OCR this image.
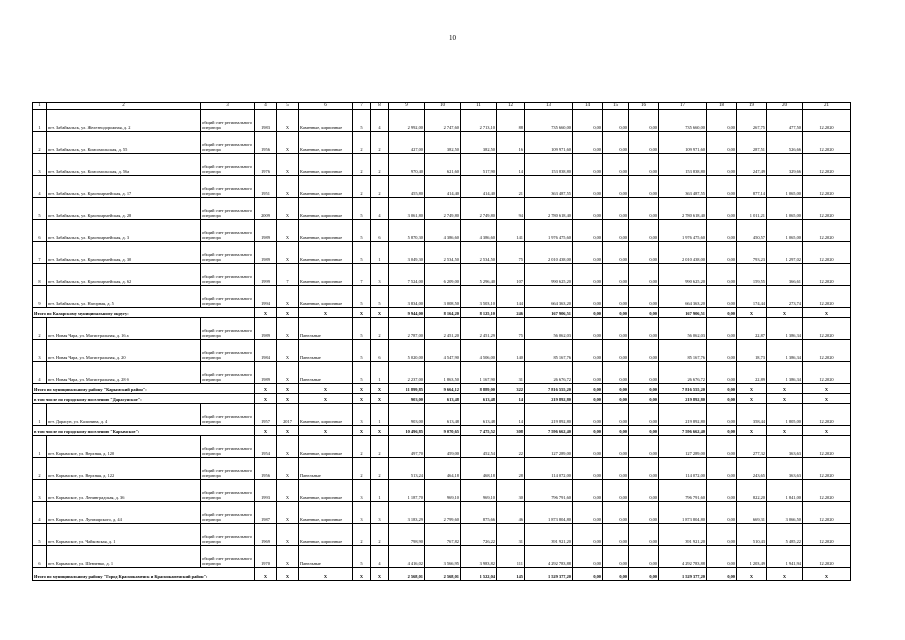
10
1	2	3	4	5	6	7	8	9	10	11	12	13	14	15	16	17	18	19	20	21
1	пгт. Забайкальск, ул. Железнодорожная, д. 2	общий счет регионального оператора	1983	Х	Каменные, кирпичные	5	4	2 992,00	2 747,60	2 713,10	88	735 660,00	0,00	0,00	0,00	735 660,00	0,00	267,75	477,50	12.2020
2	пгт. Забайкальск, ул. Комсомольская, д. 55	общий счет регионального оператора	1956	Х	Каменные, кирпичные	2	2	427,00	382,50	382,50	16	109 971,60	0,00	0,00	0,00	109 971,60	0,00	287,51	526,66	12.2020
3	пгт. Забайкальск, ул. Комсомольская, д. 56а	общий счет регионального оператора	1976	Х	Каменные, кирпичные	2	2	970,40	621,60	517,90	14	153 838,80	0,00	0,00	0,00	153 838,80	0,00	247,49	329,66	12.2020
4	пгт. Забайкальск, ул. Красноармейская, д. 17	общий счет регионального оператора	1951	Х	Каменные, кирпичные	2	2	455,80	414,40	414,40	21	363 487,55	0,00	0,00	0,00	363 487,55	0,00	877,14	1 065,00	12.2020
5	пгт. Забайкальск, ул. Красноармейская, д. 28	общий счет регионального оператора	2009	Х	Каменные, кирпичные	5	4	3 061,80	2 749,80	2 749,80	94	2 780 618,40	0,00	0,00	0,00	2 780 618,40	0,00	1 011,21	1 065,00	12.2020
6	пгт. Забайкальск, ул. Красноармейская, д. 3	общий счет регионального оператора	1989	Х	Каменные, кирпичные	5	6	5 870,30	4 386,60	4 386,60	141	1 976 475,60	0,00	0,00	0,00	1 976 475,60	0,00	450,57	1 065,00	12.2020
7	пгт. Забайкальск, ул. Красноармейская, д. 30	общий счет регионального оператора	1989	Х	Каменные, кирпичные	5	1	3 049,30	2 534,50	2 534,50	75	2 010 438,00	0,00	0,00	0,00	2 010 438,00	0,00	793,23	1 297,02	12.2020
8	пгт. Забайкальск, ул. Красноармейская, д. 62	общий счет регионального оператора	1999	7	Каменные, кирпичные	7	3	7 524,00	6 209,00	5 296,40	107	990 625,20	0,00	0,00	0,00	990 625,20	0,00	159,55	366,61	12.2020
9	пгт. Забайкальск, ул. Нагорная, д. 5	общий счет регионального оператора	1994	Х	Каменные, кирпичные	5	5	3 834,00	3 008,50	3 503,10	144	664 363,20	0,00	0,00	0,00	664 363,20	0,00	174,44	273,74	12.2020
Итого по Каларскому муниципальному округу:			Х	Х	Х	Х	Х	9 944,00	8 164,20	8 125,10	246	167 906,51	0,00	0,00	0,00	167 906,51	0,00	Х	Х	Х
2	пгт. Новая Чара, ул. Магистральная, д. 16 а	общий счет регионального оператора	1989	Х	Панельные	5	2	2 787,00	2 451,20	2 451,29	75	56 062,03	0,00	0,00	0,00	56 062,03	0,00	22,87	1 386,34	12.2020
3	пгт. Новая Чара, ул. Магистральная, д. 20	общий счет регионального оператора	1984	Х	Панельные	5	6	5 020,00	4 547,90	4 506,00	140	85 167,76	0,00	0,00	0,00	85 167,76	0,00	18,73	1 386,34	12.2020
4	пгт. Новая Чара, ул. Магистральная, д. 28 б	общий счет регионального оператора	1989	Х	Панельные	5	1	2 237,00	1 863,50	1 167,90	31	26 676,72	0,00	0,00	0,00	26 676,72	0,00	22,89	1 386,34	12.2020
Итого по муниципальному району "Карымский район":			Х	Х	Х	Х	Х	11 899,85	9 664,12	8 889,00	322	7 816 555,20	0,00	0,00	0,00	7 816 555,20	0,00	Х	Х	Х
в том числе по городскому поселению "Дарасунское":			Х	Х	Х	Х	Х	903,00	613,48	613,48	14	219 892,80	0,00	0,00	0,00	219 892,80	0,00	Х	Х	Х
1	пгт. Дарасун, ул. Калинина, д. 4	общий счет регионального оператора	1957	2017	Каменные, кирпичные	3	1	903,00	613,48	613,48	14	219 892,80	0,00	0,00	0,00	219 892,80	0,00	358,44	1 805,00	12.2020
в том числе по городскому поселению "Карымское":			Х	Х	Х	Х	Х	10 496,85	9 070,65	7 475,52	308	7 596 662,40	0,00	0,00	0,00	7 596 662,40	0,00	Х	Х	Х
1	пгт. Карымское, ул. Верхняя, д. 120	общий счет регионального оператора	1954	Х	Каменные, кирпичные	2	2	497,70	459,00	452,54	22	127 289,00	0,00	0,00	0,00	127 289,00	0,00	277,32	363,63	12.2020
2	пгт. Карымское, ул. Верхняя, д. 122	общий счет регионального оператора	1956	Х	Панельные	2	2	513,24	464,18	468,18	28	114 072,00	0,00	0,00	0,00	114 072,00	0,00	243,65	363,63	12.2020
3	пгт. Карымское, ул. Ленинградская, д. 36	общий счет регионального оператора	1993	Х	Каменные, кирпичные	3	1	1 187,70	969,10	969,10	30	796 791,60	0,00	0,00	0,00	796 791,60	0,00	822,20	1 841,00	12.2020
4	пгт. Карымское, ул. Луначарского, д. 44	общий счет регионального оператора	1987	Х	Каменные, кирпичные	3	3	3 183,29	2 799,60	875,66	46	1 873 804,80	0,00	0,00	0,00	1 873 804,80	0,00	669,31	3 066,50	12.2020
5	пгт. Карымское, ул. Чайковская, д. 1	общий счет регионального оператора	1969	Х	Каменные, кирпичные	2	2	798,90	767,82	726,22	31	391 921,20	0,00	0,00	0,00	391 921,20	0,00	510,43	5 485,22	12.2020
6	пгт. Карымское, ул. Шевченко, д. 1	общий счет регионального оператора	1970	Х	Панельные	5	4	4 416,02	3 566,95	3 983,82	111	4 292 783,88	0,00	0,00	0,00	4 292 783,88	0,00	1 203,49	1 941,94	12.2020
Итого по муниципальному району "Город Краснокаменск и Краснокаменский район":			Х	Х	Х	Х	Х	2 568,01	2 568,01	1 522,04	145	1 529 377,20	0,00	0,00	0,00	1 529 377,20	0,00	Х	Х	Х
